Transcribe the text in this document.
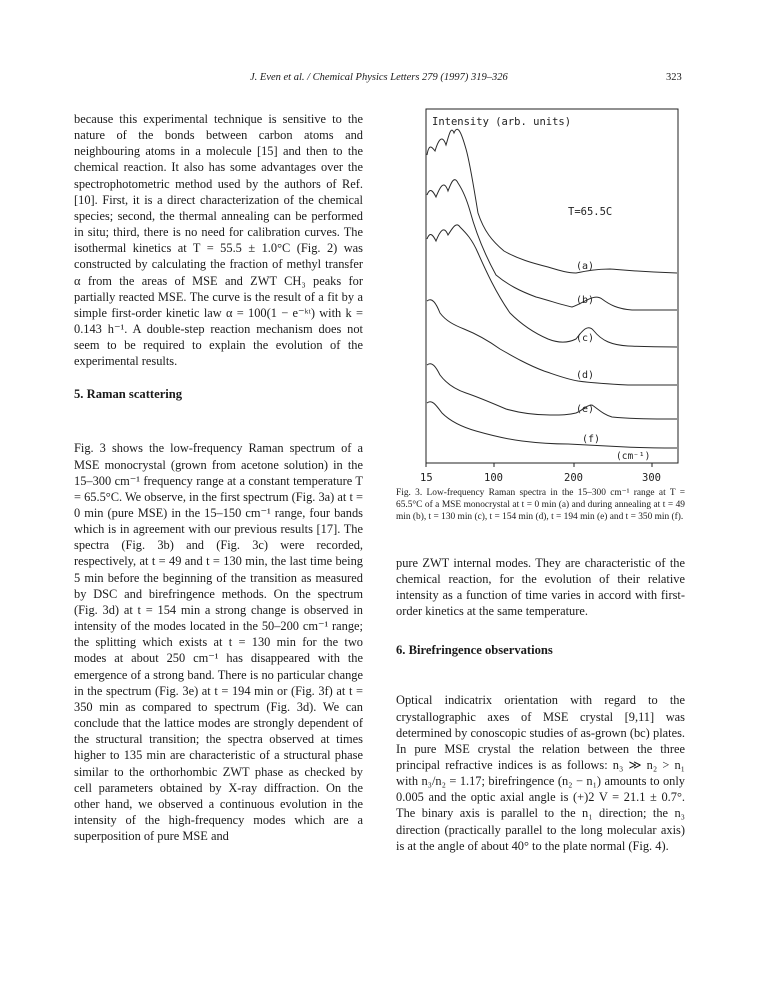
J. Even et al. / Chemical Physics Letters 279 (1997) 319–326	323

because this experimental technique is sensitive to the nature of the bonds between carbon atoms and neighbouring atoms in a molecule [15] and then to the chemical reaction. It also has some advantages over the spectrophotometric method used by the authors of Ref. [10]. First, it is a direct characterization of the chemical species; second, the thermal annealing can be performed in situ; third, there is no need for calibration curves. The isothermal kinetics at T = 55.5 ± 1.0°C (Fig. 2) was constructed by calculating the fraction of methyl transfer α from the areas of MSE and ZWT CH₃ peaks for partially reacted MSE. The curve is the result of a fit by a simple first-order kinetic law α = 100(1 − e⁻ᵏᵗ) with k = 0.143 h⁻¹. A double-step reaction mechanism does not seem to be required to explain the evolution of the experimental results.

5. Raman scattering

Fig. 3 shows the low-frequency Raman spectrum of a MSE monocrystal (grown from acetone solution) in the 15–300 cm⁻¹ frequency range at a constant temperature T = 65.5°C. We observe, in the first spectrum (Fig. 3a) at t = 0 min (pure MSE) in the 15–150 cm⁻¹ range, four bands which is in agreement with our previous results [17]. The spectra (Fig. 3b) and (Fig. 3c) were recorded, respectively, at t = 49 and t = 130 min, the last time being 5 min before the beginning of the transition as measured by DSC and birefringence methods. On the spectrum (Fig. 3d) at t = 154 min a strong change is observed in intensity of the modes located in the 50–200 cm⁻¹ range; the splitting which exists at t = 130 min for the two modes at about 250 cm⁻¹ has disappeared with the emergence of a strong band. There is no particular change in the spectrum (Fig. 3e) at t = 194 min or (Fig. 3f) at t = 350 min as compared to spectrum (Fig. 3d). We can conclude that the lattice modes are strongly dependent of the structural transition; the spectra observed at times higher to 135 min are characteristic of a structural phase similar to the orthorhombic ZWT phase as checked by cell parameters obtained by X-ray diffraction. On the other hand, we observed a continuous evolution in the intensity of the high-frequency modes which are a superposition of pure MSE and

Intensity (arb. units)
T=65.5C
(a)
(b)
(c)
(d)
(e)
(f)
(cm⁻¹)
15	100	200	300
Fig. 3. Low-frequency Raman spectra in the 15–300 cm⁻¹ range at T = 65.5°C of a MSE monocrystal at t = 0 min (a) and during annealing at t = 49 min (b), t = 130 min (c), t = 154 min (d), t = 194 min (e) and t = 350 min (f).

pure ZWT internal modes. They are characteristic of the chemical reaction, for the evolution of their relative intensity as a function of time varies in accord with first-order kinetics at the same temperature.

6. Birefringence observations

Optical indicatrix orientation with regard to the crystallographic axes of MSE crystal [9,11] was determined by conoscopic studies of as-grown (bc) plates. In pure MSE crystal the relation between the three principal refractive indices is as follows: n₃ ≫ n₂ > n₁ with n₃/n₂ = 1.17; birefringence (n₂ − n₁) amounts to only 0.005 and the optic axial angle is (+)2 V = 21.1 ± 0.7°. The binary axis is parallel to the n₁ direction; the n₃ direction (practically parallel to the long molecular axis) is at the angle of about 40° to the plate normal (Fig. 4).
